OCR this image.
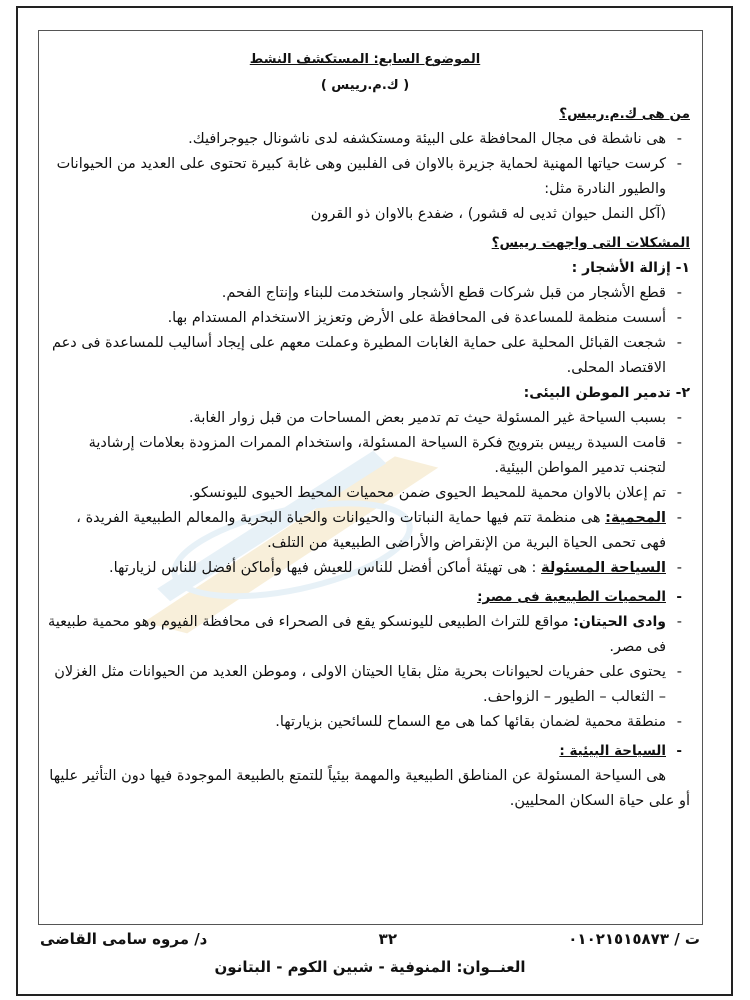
الموضوع السابع: المستكشف النشط
( ك.م.رييس )
من هى ك.م.رييس؟
- هى ناشطة فى مجال المحافظة على البيئة ومستكشفه لدى ناشونال جيوجرافيك.
- كرست حياتها المهنية لحماية جزيرة بالاوان فى الفلبين وهى غابة كبيرة تحتوى على العديد من الحيوانات والطيور النادرة مثل:
(آكل النمل حيوان ثديى له قشور) ، ضفدع بالاوان ذو القرون
المشكلات التى واجهت رييس؟
١- إزالة الأشجار :
- قطع الأشجار من قبل شركات قطع الأشجار واستخدمت للبناء وإنتاج الفحم.
- أسست منظمة للمساعدة فى المحافظة على الأرض وتعزيز الاستخدام المستدام بها.
- شجعت القبائل المحلية على حماية الغابات المطيرة وعملت معهم على إيجاد أساليب للمساعدة فى دعم الاقتصاد المحلى.
٢- تدمير الموطن البيئى:
- بسبب السياحة غير المسئولة حيث تم تدمير بعض المساحات من قبل زوار الغابة.
- قامت السيدة رييس بترويج فكرة السياحة المسئولة، واستخدام الممرات المزودة بعلامات إرشادية لتجنب تدمير المواطن البيئية.
- تم إعلان بالاوان محمية للمحيط الحيوى ضمن محميات المحيط الحيوى لليونسكو.
- المحمية: هى منظمة تتم فيها حماية النباتات والحيوانات والحياة البحرية والمعالم الطبيعية الفريدة ، فهى تحمى الحياة البرية من الإنقراض والأراضى الطبيعية من التلف.
- السياحة المسئولة : هى تهيئة أماكن أفضل للناس للعيش فيها وأماكن أفضل للناس لزيارتها.
- المحميات الطبيعية فى مصر:
- وادى الحيتان: مواقع للتراث الطبيعى لليونسكو يقع فى الصحراء فى محافظة الفيوم وهو محمية طبيعية فى مصر.
- يحتوى على حفريات لحيوانات بحرية مثل بقايا الحيتان الاولى ، وموطن العديد من الحيوانات مثل الغزلان – الثعالب – الطيور – الزواحف.
- منطقة محمية لضمان بقائها كما هى مع السماح للسائحين بزيارتها.
- السياحة البيئية :
هى السياحة المسئولة عن المناطق الطبيعية والمهمة بيئياً للتمتع بالطبيعة الموجودة فيها دون التأثير عليها أو على حياة السكان المحليين.
ت / ٠١٠٢١٥١٥٨٧٣
٣٢
د/ مروه سامى القاضى
العنــوان: المنوفية - شبين الكوم - البتانون
